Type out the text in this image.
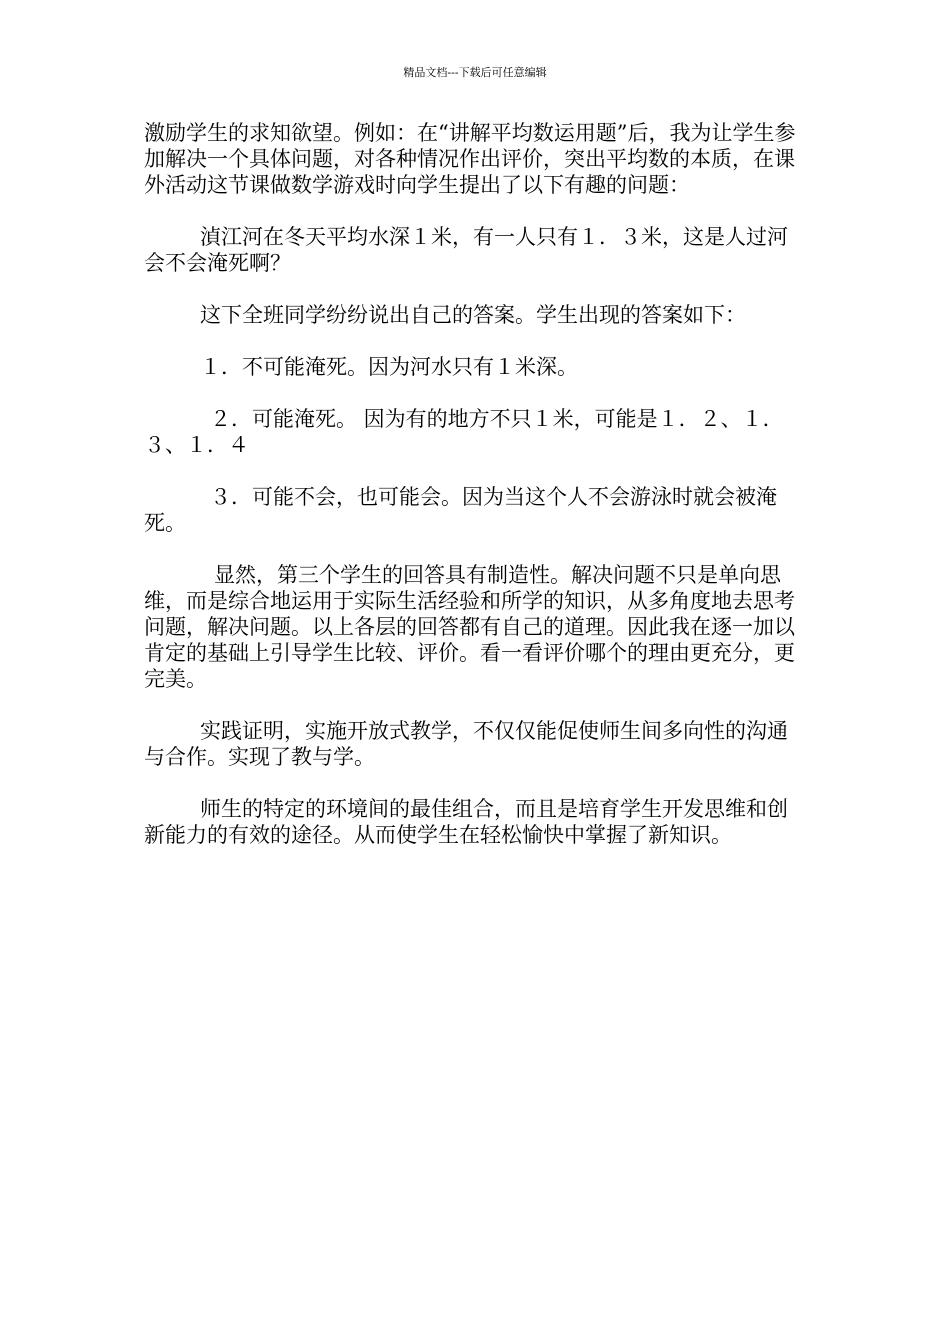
精品文档---下载后可任意编辑

激励学生的求知欲望。例如：在“讲解平均数运用题”后，我为让学生参加解决一个具体问题，对各种情况作出评价，突出平均数的本质，在课外活动这节课做数学游戏时向学生提出了以下有趣的问题：

湞江河在冬天平均水深１米，有一人只有１．３米，这是人过河会不会淹死啊？

这下全班同学纷纷说出自己的答案。学生出现的答案如下：

１．不可能淹死。因为河水只有１米深。

２．可能淹死。 因为有的地方不只１米，可能是１．２、１．３、１．４

３．可能不会，也可能会。因为当这个人不会游泳时就会被淹死。

显然，第三个学生的回答具有制造性。解决问题不只是单向思维，而是综合地运用于实际生活经验和所学的知识，从多角度地去思考问题，解决问题。以上各层的回答都有自己的道理。因此我在逐一加以肯定的基础上引导学生比较、评价。看一看评价哪个的理由更充分，更完美。

实践证明，实施开放式教学，不仅仅能促使师生间多向性的沟通与合作。实现了教与学。

师生的特定的环境间的最佳组合，而且是培育学生开发思维和创新能力的有效的途径。从而使学生在轻松愉快中掌握了新知识。
